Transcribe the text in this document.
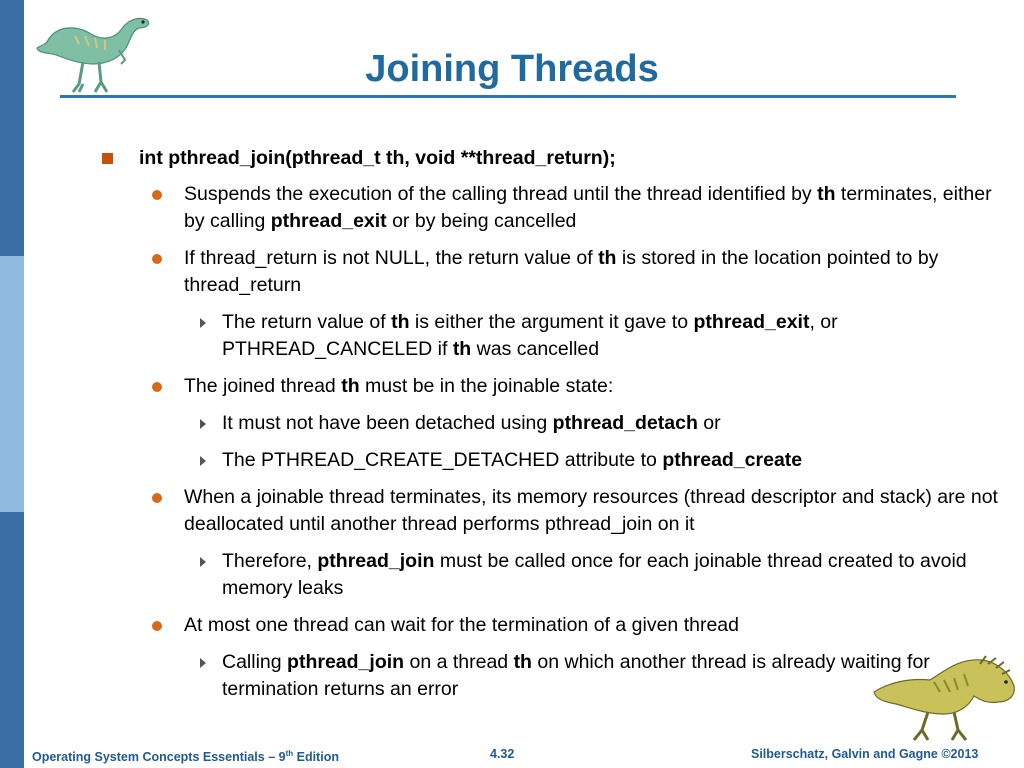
Joining Threads
int pthread_join(pthread_t th, void **thread_return);
Suspends the execution of the calling thread until the thread identified by th terminates, either by calling pthread_exit or by being cancelled
If thread_return is not NULL, the return value of th is stored in the location pointed to by thread_return
The return value of th is either the argument it gave to pthread_exit, or PTHREAD_CANCELED if th was cancelled
The joined thread th must be in the joinable state:
It must not have been detached using pthread_detach or
The PTHREAD_CREATE_DETACHED attribute to pthread_create
When a joinable thread terminates, its memory resources (thread descriptor and stack) are not deallocated until another thread performs pthread_join on it
Therefore, pthread_join must be called once for each joinable thread created to avoid memory leaks
At most one thread can wait for the termination of a given thread
Calling pthread_join on a thread th on which another thread is already waiting for termination returns an error
Operating System Concepts Essentials – 9th Edition	4.32	Silberschatz, Galvin and Gagne ©2013
